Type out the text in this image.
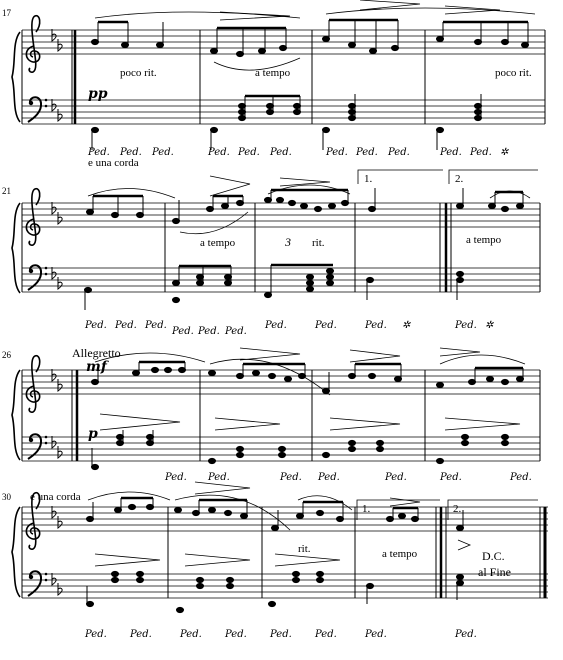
17
pp
poco rit.	a tempo	poco rit.
e una corda
Ped. Ped. Ped.	Ped. Ped. Ped.	Ped. Ped. Ped.	Ped. Ped. ✲
21
1.	2.
a tempo	3 rit.	a tempo
Ped. Ped. Ped.
Ped. Ped. Ped.
Ped.	Ped.	Ped. ✲	Ped. ✲
26	Allegretto
mf
p
Ped. Ped.	Ped. Ped.	Ped.	Ped.	Ped.
30 e una corda
1.	2.
rit.	a tempo	D.C.
al Fine
Ped. Ped.	Ped. Ped. Ped. Ped.	Ped.	Ped.
